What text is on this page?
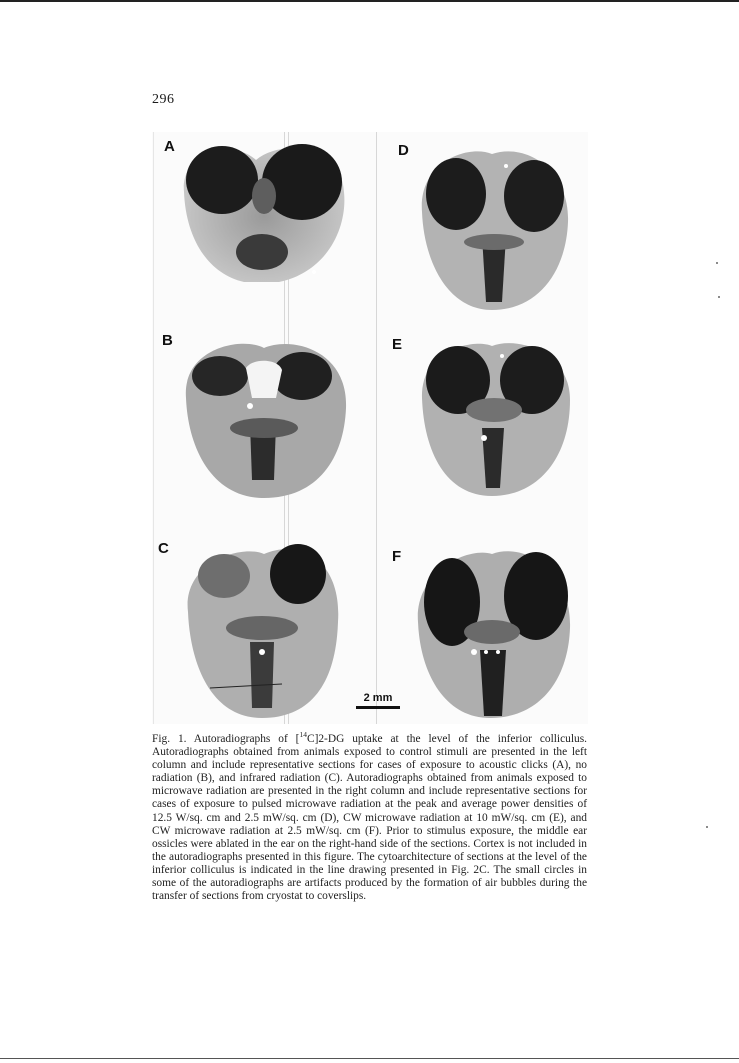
296
A	D
B	E
C	F
2 mm
Fig. 1. Autoradiographs of [$^{14}$C]2-DG uptake at the level of the inferior colliculus. Autoradiographs obtained from animals exposed to control stimuli are presented in the left column and include representative sections for cases of exposure to acoustic clicks (A), no radiation (B), and infrared radiation (C). Autoradiographs obtained from animals exposed to microwave radiation are presented in the right column and include representative sections for cases of exposure to pulsed microwave radiation at the peak and average power densities of 12.5 W/sq. cm and 2.5 mW/sq. cm (D), CW microwave radiation at 10 mW/sq. cm (E), and CW microwave radiation at 2.5 mW/sq. cm (F). Prior to stimulus exposure, the middle ear ossicles were ablated in the ear on the right-hand side of the sections. Cortex is not included in the autoradiographs presented in this figure. The cytoarchitecture of sections at the level of the inferior colliculus is indicated in the line drawing presented in Fig. 2C. The small circles in some of the autoradiographs are artifacts produced by the formation of air bubbles during the transfer of sections from cryostat to coverslips.
